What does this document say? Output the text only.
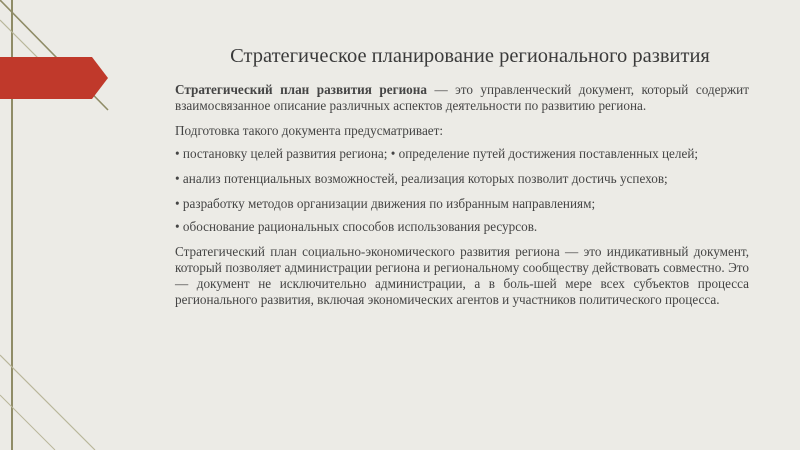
Стратегическое планирование регионального развития

Стратегический план развития региона — это управленческий документ, который содержит взаимосвязанное описание различных аспектов деятельности по развитию региона.

Подготовка такого документа предусматривает:

• постановку целей развития региона; • определение путей достижения поставленных целей;

• анализ потенциальных возможностей, реализация которых позволит достичь успехов;

• разработку методов организации движения по избранным направлениям;

• обоснование рациональных способов использования ресурсов.

Стратегический план социально-экономического развития региона — это индикативный документ, который позволяет администрации региона и региональному сообществу действовать совместно. Это — документ не исключительно администрации, а в боль-шей мере всех субъектов процесса регионального развития, включая экономических агентов и участников политического процесса.
